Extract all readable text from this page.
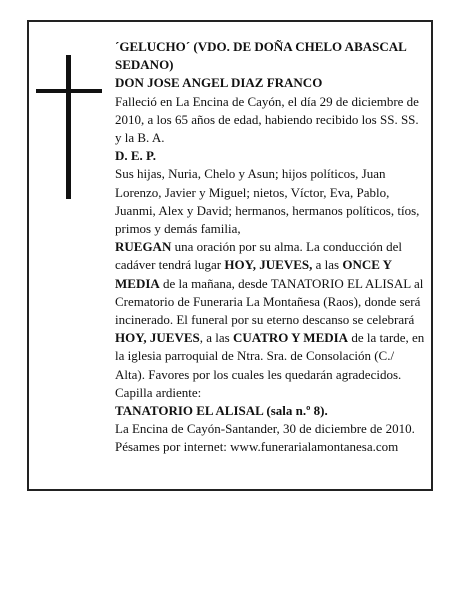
´GELUCHO´ (VDO. DE DOÑA CHELO ABASCAL SEDANO)

DON JOSE ANGEL DIAZ FRANCO

Falleció en La Encina de Cayón, el día 29 de diciembre de 2010, a los 65 años de edad, habiendo recibido los SS. SS. y la B. A.

D. E. P.

Sus hijas, Nuria, Chelo y Asun; hijos políticos, Juan Lorenzo, Javier y Miguel; nietos, Víctor, Eva, Pablo, Juanmi, Alex y David; hermanos, hermanos políticos, tíos, primos y demás familia,

RUEGAN una oración por su alma. La conducción del cadáver tendrá lugar HOY, JUEVES, a las ONCE Y MEDIA de la mañana, desde TANATORIO EL ALISAL al Crematorio de Funeraria La Montañesa (Raos), donde será incinerado. El funeral por su eterno descanso se celebrará HOY, JUEVES, a las CUATRO Y MEDIA de la tarde, en la iglesia parroquial de Ntra. Sra. de Consolación (C./ Alta). Favores por los cuales les quedarán agradecidos. Capilla ardiente:

TANATORIO EL ALISAL (sala n.º 8).

La Encina de Cayón-Santander, 30 de diciembre de 2010.

Pésames por internet: www.funerarialamontanesa.com
